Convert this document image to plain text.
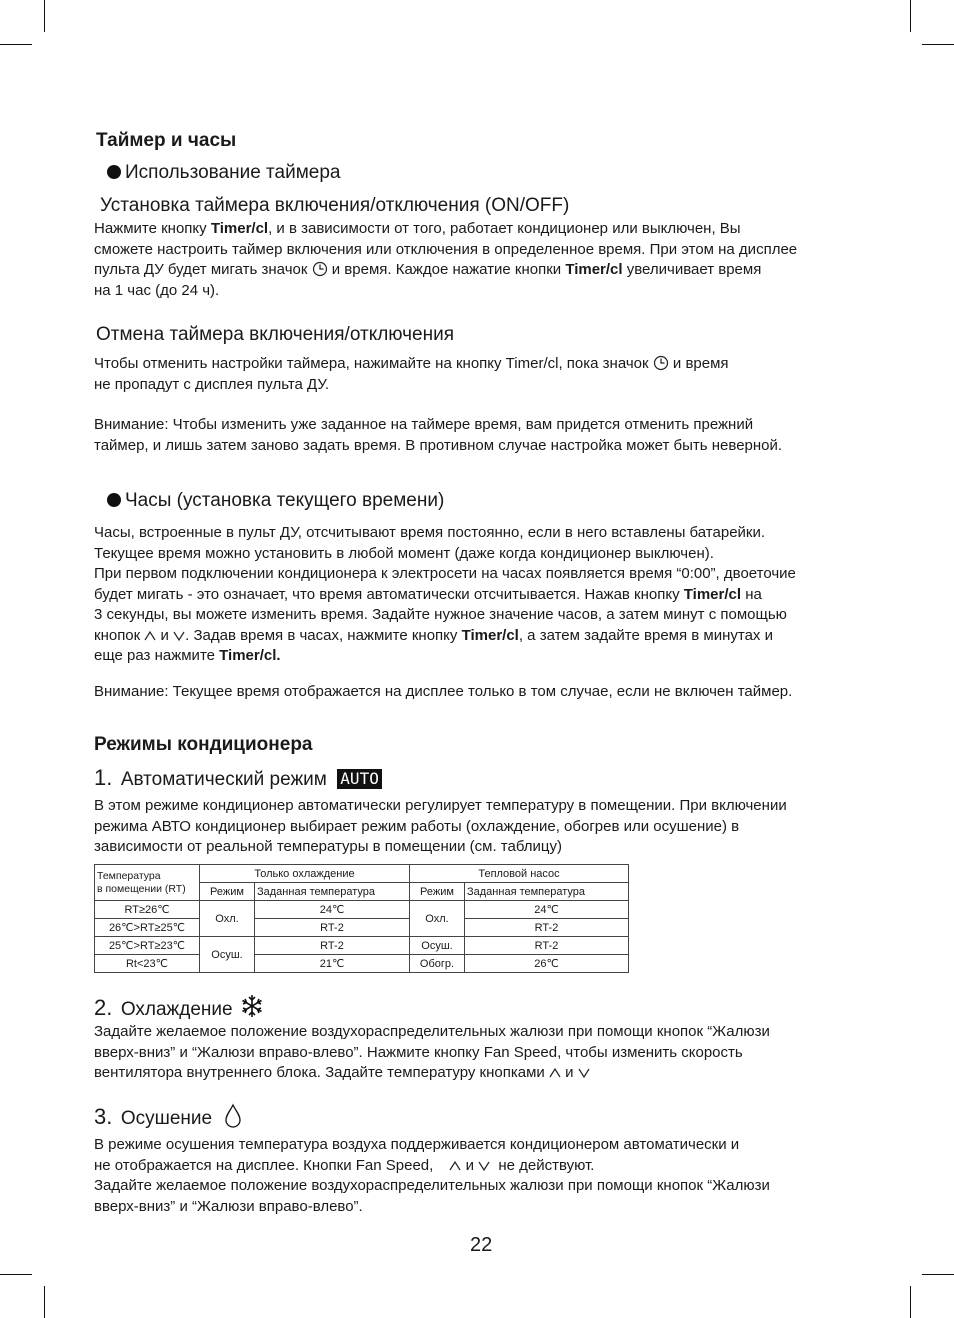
Таймер и часы
Использование таймера
Установка таймера включения/отключения (ON/OFF)
Нажмите кнопку Timer/cl, и в зависимости от того, работает кондиционер или выключен, Вы
сможете настроить таймер включения или отключения в определенное время. При этом на дисплее
пульта ДУ будет мигать значок  и время. Каждое нажатие кнопки Timer/cl увеличивает время
на 1 час (до 24 ч).
Отмена таймера включения/отключения
Чтобы отменить настройки таймера, нажимайте на кнопку Timer/cl, пока значок  и время
не пропадут с дисплея пульта ДУ.
Внимание: Чтобы изменить уже заданное на таймере время, вам придется отменить прежний
таймер, и лишь затем заново задать время. В противном случае настройка может быть неверной.
Часы (установка текущего времени)
Часы, встроенные в пульт ДУ, отсчитывают время постоянно, если в него вставлены батарейки.
Текущее время можно установить в любой момент (даже когда кондиционер выключен).
При первом подключении кондиционера к электросети на часах появляется время “0:00”, двоеточие
будет мигать - это означает, что время автоматически отсчитывается. Нажав кнопку Timer/cl на
3 секунды, вы можете изменить время. Задайте нужное значение часов, а затем минут с помощью
кнопок  и . Задав время в часах, нажмите кнопку Timer/cl, а затем задайте время в минутах и
еще раз нажмите Timer/cl.
Внимание: Текущее время отображается на дисплее только в том случае, если не включен таймер.
Режимы кондиционера
1. Автоматический режим AUTO
В этом режиме кондиционер автоматически регулирует температуру в помещении. При включении
режима АВТО кондиционер выбирает режим работы (охлаждение, обогрев или осушение) в
зависимости от реальной температуры в помещении (см. таблицу)
Температура
в помещении (RT)	Только охлаждение		Тепловой насос	
	Режим	Заданная температура	Режим	Заданная температура
RT≥26℃	Охл.	24℃	Охл.	24℃
26℃>RT≥25℃		RT-2		RT-2
25℃>RT≥23℃	Осуш.	RT-2	Осуш.	RT-2
Rt<23℃		21℃	Обогр.	26℃
2. Охлаждение
Задайте желаемое положение воздухораспределительных жалюзи при помощи кнопок “Жалюзи
вверх-вниз” и “Жалюзи вправо-влево”. Нажмите кнопку Fan Speed, чтобы изменить скорость
вентилятора внутреннего блока. Задайте температуру кнопками  и
3. Осушение
В режиме осушения температура воздуха поддерживается кондиционером автоматически и
не отображается на дисплее. Кнопки Fan Speed,  и  не действуют.
Задайте желаемое положение воздухораспределительных жалюзи при помощи кнопок “Жалюзи
вверх-вниз” и “Жалюзи вправо-влево”.
22
